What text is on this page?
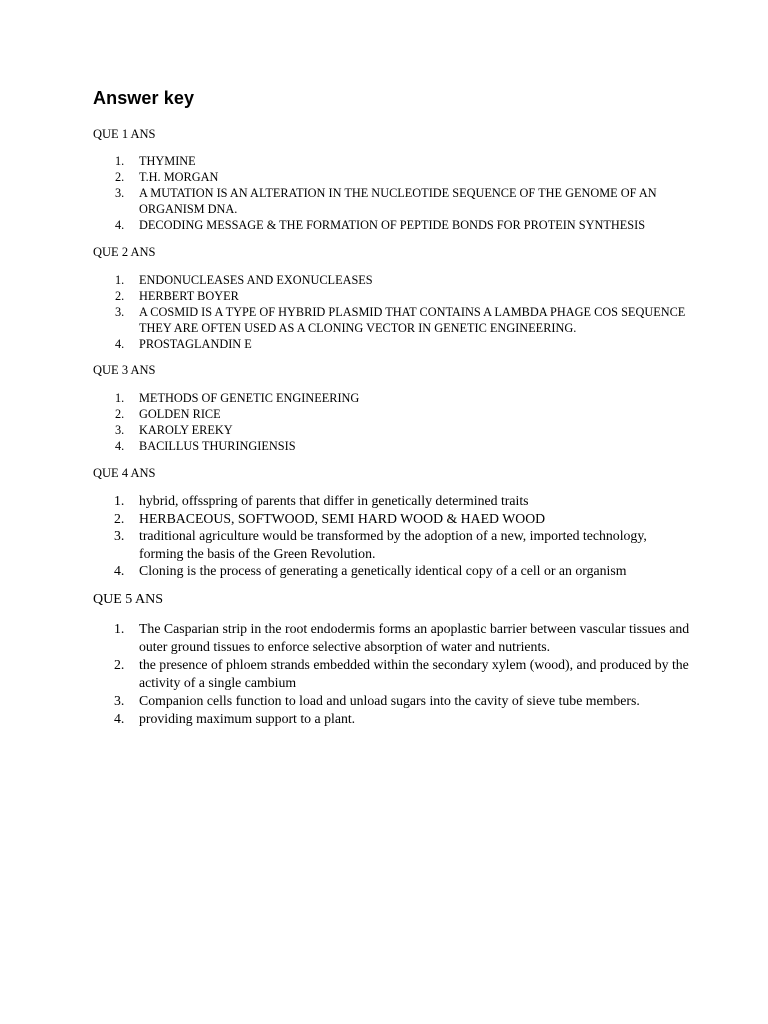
Answer key
QUE 1 ANS
1. THYMINE
2. T.H. MORGAN
3. A MUTATION IS AN ALTERATION IN THE NUCLEOTIDE SEQUENCE OF THE GENOME OF AN ORGANISM DNA.
4. DECODING MESSAGE & THE FORMATION OF PEPTIDE BONDS FOR PROTEIN SYNTHESIS
QUE 2 ANS
1. ENDONUCLEASES AND EXONUCLEASES
2. HERBERT BOYER
3. A COSMID IS A TYPE OF HYBRID PLASMID THAT CONTAINS A LAMBDA PHAGE COS SEQUENCE THEY ARE OFTEN USED AS A CLONING VECTOR IN GENETIC ENGINEERING.
4. PROSTAGLANDIN E
QUE 3 ANS
1. METHODS OF GENETIC ENGINEERING
2. GOLDEN RICE
3. KAROLY EREKY
4. BACILLUS THURINGIENSIS
QUE 4 ANS
1. hybrid, offsspring of parents that differ in genetically determined traits
2. HERBACEOUS, SOFTWOOD, SEMI HARD WOOD & HAED WOOD
3. traditional agriculture would be transformed by the adoption of a new, imported technology, forming the basis of the Green Revolution.
4. Cloning is the process of generating a genetically identical copy of a cell or an organism
QUE 5 ANS
1. The Casparian strip in the root endodermis forms an apoplastic barrier between vascular tissues and outer ground tissues to enforce selective absorption of water and nutrients.
2. the presence of phloem strands embedded within the secondary xylem (wood), and produced by the activity of a single cambium
3. Companion cells function to load and unload sugars into the cavity of sieve tube members.
4. providing maximum support to a plant.
